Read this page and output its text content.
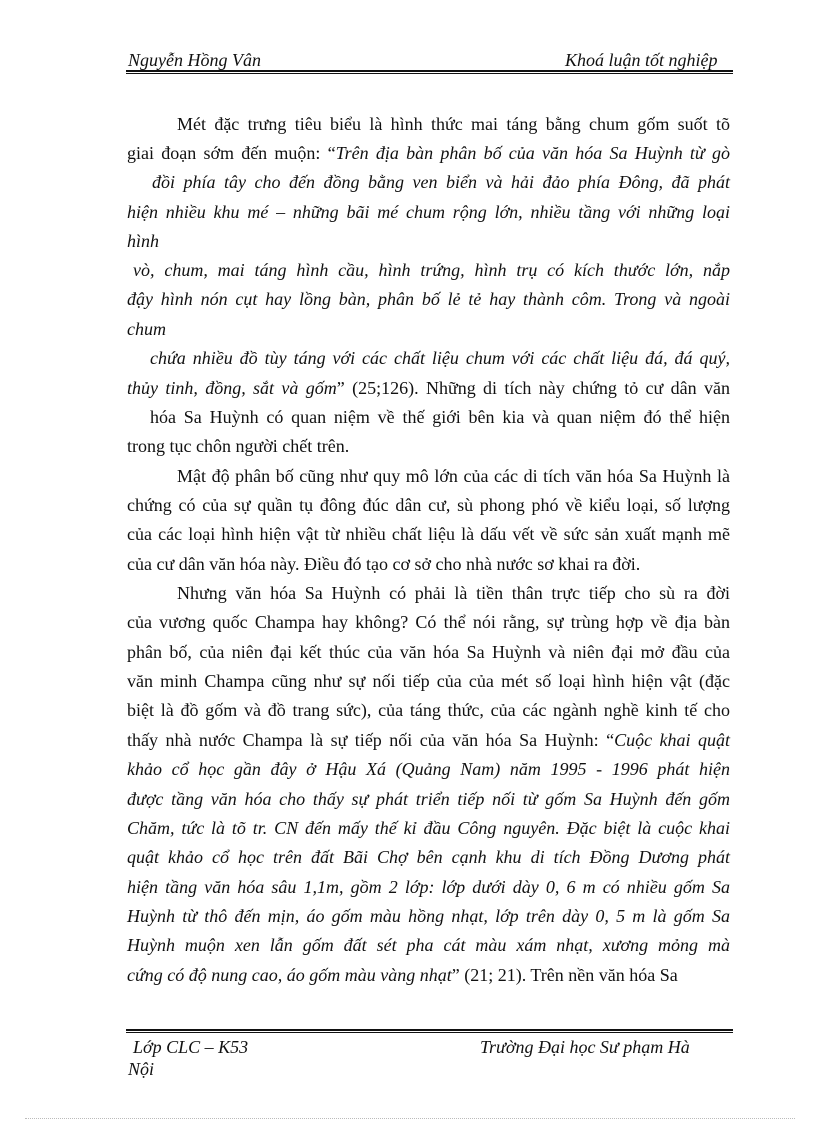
Nguyễn Hồng Vân	Khoá luận tốt nghiệp
Mét đặc trưng tiêu biểu là hình thức mai táng bằng chum gốm suốt tõ
giai đoạn sớm đến muộn: “Trên địa bàn phân bố của văn hóa Sa Huỳnh từ gò
đồi phía tây cho đến đồng bằng ven biển và hải đảo phía Đông, đã phát
hiện nhiều khu mé – những bãi mé chum rộng lớn, nhiều tầng với những loại
hình
vò, chum, mai táng hình cầu, hình trứng, hình trụ có kích thước lớn, nắp
đậy hình nón cụt hay lồng bàn, phân bố lẻ tẻ hay thành côm. Trong và ngoài
chum
chứa nhiều đồ tùy táng với các chất liệu chum với các chất liệu đá, đá quý,
thủy tinh, đồng, sắt và gốm” (25;126). Những di tích này chứng tỏ cư dân văn
hóa Sa Huỳnh có quan niệm về thế giới bên kia và quan niệm đó thể hiện
trong tục chôn người chết trên.
Mật độ phân bố cũng như quy mô lớn của các di tích văn hóa Sa Huỳnh là
chứng có của sự quần tụ đông đúc dân cư, sù phong phó về kiểu loại, số lượng
của các loại hình hiện vật từ nhiều chất liệu là dấu vết về sức sản xuất mạnh mẽ
của cư dân văn hóa này. Điều đó tạo cơ sở cho nhà nước sơ khai ra đời.
Nhưng văn hóa Sa Huỳnh có phải là tiền thân trực tiếp cho sù ra đời
của vương quốc Champa hay không? Có thể nói rằng, sự trùng hợp về địa bàn
phân bố, của niên đại kết thúc của văn hóa Sa Huỳnh và niên đại mở đầu của
văn minh Champa cũng như sự nối tiếp của của mét số loại hình hiện vật (đặc
biệt là đồ gốm và đồ trang sức), của táng thức, của các ngành nghề kinh tế cho
thấy nhà nước Champa là sự tiếp nối của văn hóa Sa Huỳnh: “Cuộc khai quật
khảo cổ học gần đây ở Hậu Xá (Quảng Nam) năm 1995 - 1996 phát hiện
được tầng văn hóa cho thấy sự phát triển tiếp nối từ gốm Sa Huỳnh đến gốm
Chăm, tức là tõ tr. CN đến mấy thế kỉ đầu Công nguyên. Đặc biệt là cuộc khai
quật khảo cổ học trên đất Bãi Chợ bên cạnh khu di tích Đồng Dương phát
hiện tầng văn hóa sâu 1,1m, gồm 2 lớp: lớp dưới dày 0, 6 m có nhiều gốm Sa
Huỳnh từ thô đến mịn, áo gốm màu hồng nhạt, lớp trên dày 0, 5 m là gốm Sa
Huỳnh muộn xen lẫn gốm đất sét pha cát màu xám nhạt, xương mỏng mà
cứng có độ nung cao, áo gốm màu vàng nhạt” (21; 21). Trên nền văn hóa Sa
Lớp CLC – K53	Trường Đại học Sư phạm Hà
Nội
